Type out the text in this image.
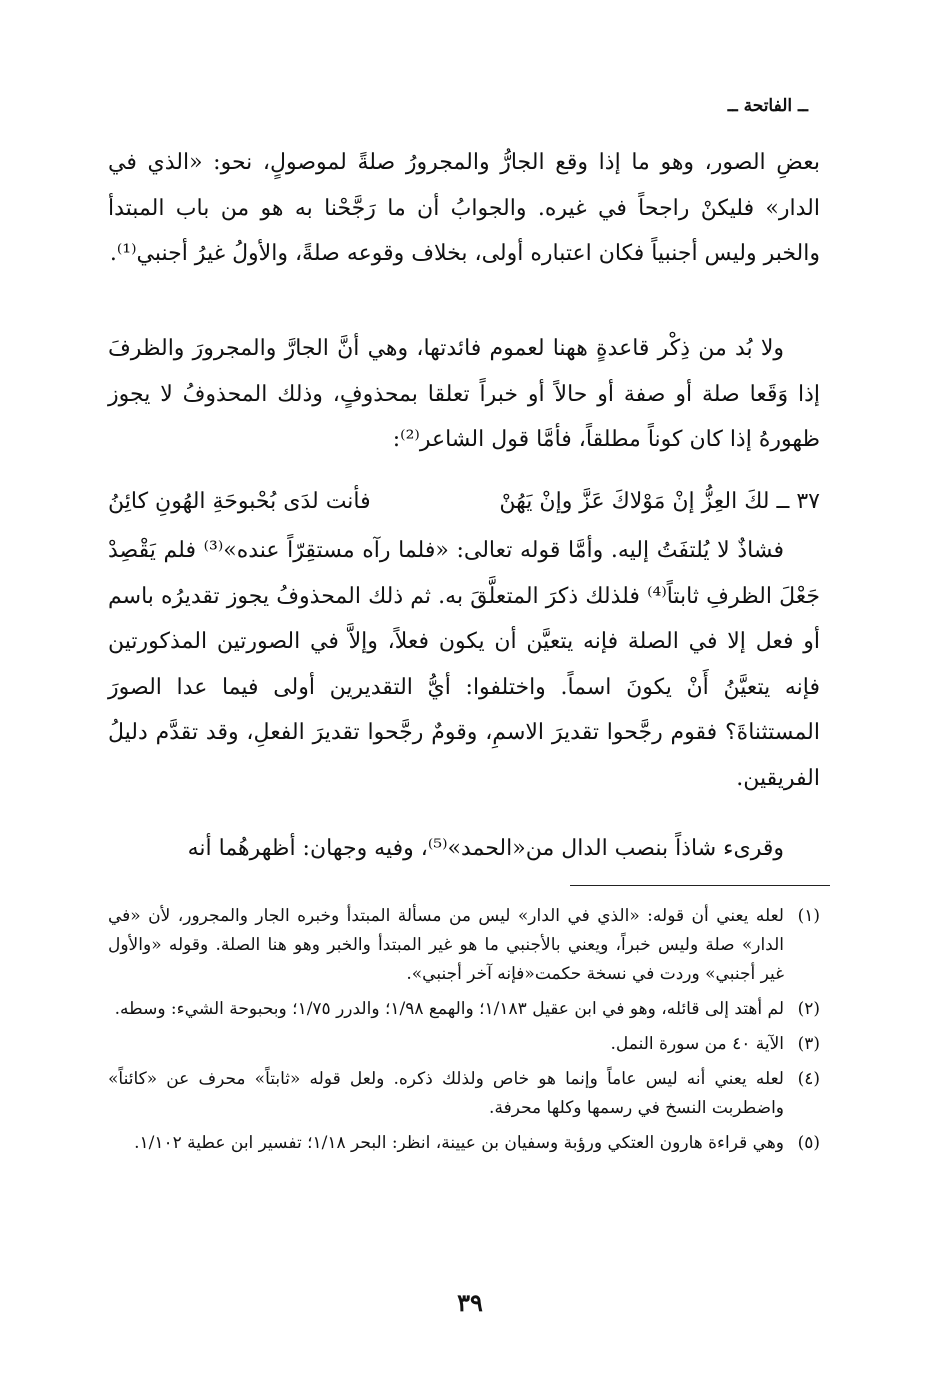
ــ الفاتحة ــ
بعضِ الصور، وهو ما إذا وقع الجارُّ والمجرورُ صلةً لموصولٍ، نحو: «الذي في الدار» فليكنْ راجحاً في غيره. والجوابُ أن ما رَجَّحْنا به هو من باب المبتدأ والخبر وليس أجنبياً فكان اعتباره أولى، بخلاف وقوعه صلةً، والأولُ غيرُ أجنبي⁽¹⁾.
ولا بُد من ذِكْر قاعدةٍ ههنا لعموم فائدتها، وهي أنَّ الجارَّ والمجرورَ والظرفَ إذا وَقَعا صلة أو صفة أو حالاً أو خبراً تعلقا بمحذوفٍ، وذلك المحذوفُ لا يجوز ظهورهُ إذا كان كوناً مطلقاً، فأمَّا قول الشاعر⁽²⁾:
٣٧ ــ لكَ العِزُّ إنْ مَوْلاكَ عَزَّ وإنْ يَهُنْ
فأنت لدَى بُحْبوحَةِ الهُونِ كائِنُ
فشاذٌ لا يُلتفَتُ إليه. وأمَّا قوله تعالى: «فلما رآه مستقِرّاً عنده»⁽³⁾ فلم يَقْصِدْ جَعْلَ الظرفِ ثابتاً⁽⁴⁾ فلذلك ذكرَ المتعلَّقَ به. ثم ذلك المحذوفُ يجوز تقديرُه باسم أو فعل إلا في الصلة فإنه يتعيَّن أن يكون فعلاً، وإلاَّ في الصورتين المذكورتين فإنه يتعيَّنُ أَنْ يكونَ اسماً. واختلفوا: أيُّ التقديرين أولى فيما عدا الصورَ المستثناةَ؟ فقوم رجَّحوا تقديرَ الاسمِ، وقومٌ رجَّحوا تقديرَ الفعلِ، وقد تقدَّم دليلُ الفريقين.
وقرىء شاذاً بنصب الدال من«الحمد»⁽⁵⁾، وفيه وجهان: أظهرهُما أنه
(١)
لعله يعني أن قوله: «الذي في الدار» ليس من مسألة المبتدأ وخبره الجار والمجرور، لأن «في الدار» صلة وليس خبراً، ويعني بالأجنبي ما هو غير المبتدأ والخبر وهو هنا الصلة. وقوله «والأول غير أجنبي» وردت في نسخة حكمت«فإنه آخر أجنبي».
(٢)
لم أهتد إلى قائله، وهو في ابن عقيل ١/١٨٣؛ والهمع ١/٩٨؛ والدرر ١/٧٥؛ وبحبوحة الشيء: وسطه.
(٣)
الآية ٤٠ من سورة النمل.
(٤)
لعله يعني أنه ليس عاماً وإنما هو خاص ولذلك ذكره. ولعل قوله «ثابتاً» محرف عن «كائناً» واضطربت النسخ في رسمها وكلها محرفة.
(٥)
وهي قراءة هارون العتكي ورؤبة وسفيان بن عيينة، انظر: البحر ١/١٨؛ تفسير ابن عطية ١/١٠٢.
٣٩
